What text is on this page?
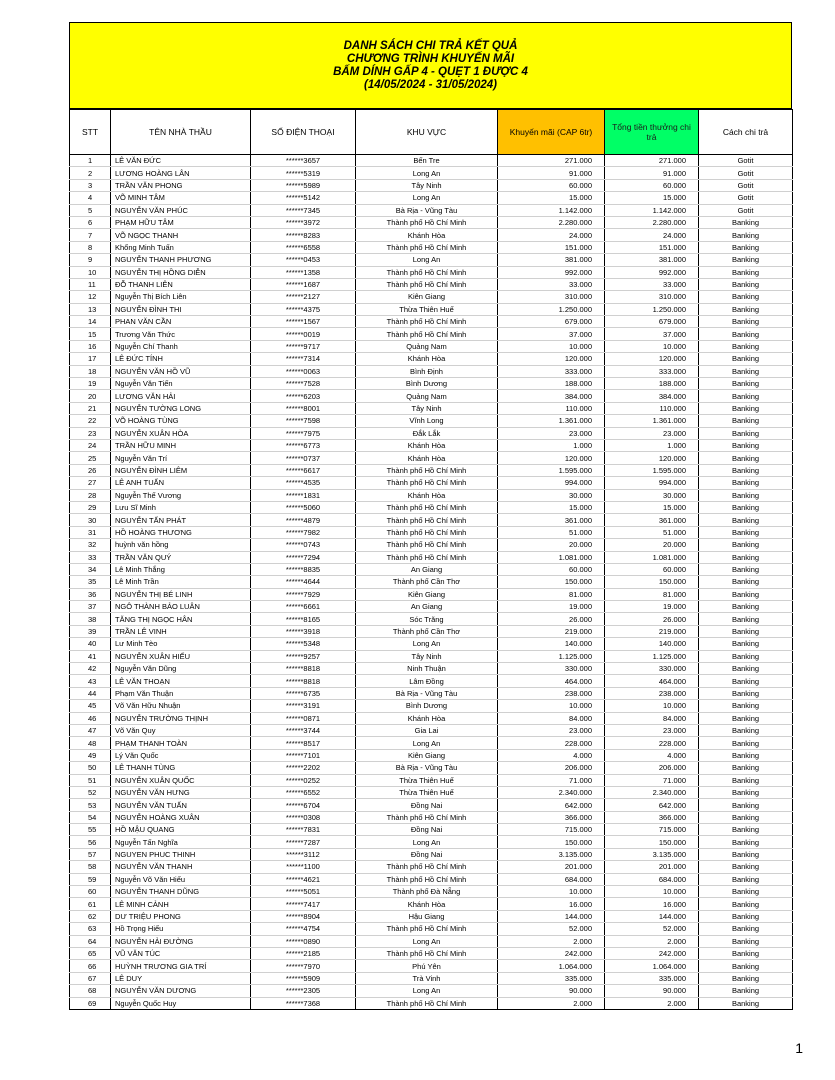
DANH SÁCH CHI TRẢ KẾT QUẢ
CHƯƠNG TRÌNH KHUYẾN MÃI
BẤM DÍNH GẤP 4 - QUẸT 1 ĐƯỢC 4
(14/05/2024 - 31/05/2024)
STT	TÊN NHÀ THẦU	SỐ ĐIỆN THOẠI	KHU VỰC	Khuyến mãi (CAP 6tr)	Tổng tiền thưởng chi trả	Cách chi trả
1	LÊ VĂN ĐỨC	******3657	Bến Tre	271.000	271.000	Gotit
2	LƯƠNG HOÀNG LÂN	******5319	Long An	91.000	91.000	Gotit
3	TRẦN VĂN PHONG	******5989	Tây Ninh	60.000	60.000	Gotit
4	VÕ MINH TÂM	******5142	Long An	15.000	15.000	Gotit
5	NGUYỄN VĂN PHÚC	******7345	Bà Rịa - Vũng Tàu	1.142.000	1.142.000	Gotit
6	PHẠM HỮU TÂM	******3972	Thành phố Hồ Chí Minh	2.280.000	2.280.000	Banking
7	VÕ NGỌC THANH	******8283	Khánh Hòa	24.000	24.000	Banking
8	Khổng Minh Tuấn	******6558	Thành phố Hồ Chí Minh	151.000	151.000	Banking
9	NGUYỄN THANH PHƯƠNG	******0453	Long An	381.000	381.000	Banking
10	NGUYỄN THỊ HỒNG DIỄN	******1358	Thành phố Hồ Chí Minh	992.000	992.000	Banking
11	ĐỖ THANH LIÊN	******1687	Thành phố Hồ Chí Minh	33.000	33.000	Banking
12	Nguyễn Thị Bích Liên	******2127	Kiên Giang	310.000	310.000	Banking
13	NGUYỄN ĐÌNH THI	******4375	Thừa Thiên Huế	1.250.000	1.250.000	Banking
14	PHAN VĂN CẦN	******1567	Thành phố Hồ Chí Minh	679.000	679.000	Banking
15	Trương Văn Thức	******0019	Thành phố Hồ Chí Minh	37.000	37.000	Banking
16	Nguyễn Chí Thanh	******9717	Quảng Nam	10.000	10.000	Banking
17	LÊ ĐỨC TÍNH	******7314	Khánh Hòa	120.000	120.000	Banking
18	NGUYỄN VĂN HỒ VŨ	******0063	Bình Định	333.000	333.000	Banking
19	Nguyễn Văn Tiến	******7528	Bình Dương	188.000	188.000	Banking
20	LƯƠNG VĂN HẢI	******6203	Quảng Nam	384.000	384.000	Banking
21	NGUYỄN TƯỜNG LONG	******8001	Tây Ninh	110.000	110.000	Banking
22	VÕ HOÀNG TÙNG	******7598	Vĩnh Long	1.361.000	1.361.000	Banking
23	NGUYỄN XUÂN HÒA	******7975	Đắk Lắk	23.000	23.000	Banking
24	TRẦN HỮU MINH	******6773	Khánh Hòa	1.000	1.000	Banking
25	Nguyễn Văn Trí	******0737	Khánh Hòa	120.000	120.000	Banking
26	NGUYỄN ĐÌNH LIÊM	******6617	Thành phố Hồ Chí Minh	1.595.000	1.595.000	Banking
27	LÊ ANH TUẤN	******4535	Thành phố Hồ Chí Minh	994.000	994.000	Banking
28	Nguyễn Thế Vương	******1831	Khánh Hòa	30.000	30.000	Banking
29	Lưu Sĩ Minh	******5060	Thành phố Hồ Chí Minh	15.000	15.000	Banking
30	NGUYỄN TẤN PHÁT	******4879	Thành phố Hồ Chí Minh	361.000	361.000	Banking
31	HỒ HOÀNG THƯƠNG	******7982	Thành phố Hồ Chí Minh	51.000	51.000	Banking
32	huỳnh văn hồng	******0743	Thành phố Hồ Chí Minh	20.000	20.000	Banking
33	TRẦN VĂN QUÝ	******7294	Thành phố Hồ Chí Minh	1.081.000	1.081.000	Banking
34	Lê Minh Thắng	******8835	An Giang	60.000	60.000	Banking
35	Lê Minh Trần	******4644	Thành phố Cần Thơ	150.000	150.000	Banking
36	NGUYỄN THỊ BÉ LINH	******7929	Kiên Giang	81.000	81.000	Banking
37	NGÔ THÀNH BẢO LUÂN	******6661	An Giang	19.000	19.000	Banking
38	TĂNG THỊ NGỌC HÂN	******8165	Sóc Trăng	26.000	26.000	Banking
39	TRẦN LÊ VINH	******3918	Thành phố Cần Thơ	219.000	219.000	Banking
40	Lư Minh Tèo	******5348	Long An	140.000	140.000	Banking
41	NGUYỄN XUÂN HIẾU	******9257	Tây Ninh	1.125.000	1.125.000	Banking
42	Nguyễn Văn Dũng	******8818	Ninh Thuận	330.000	330.000	Banking
43	LÊ VĂN THOẠN	******8818	Lâm Đồng	464.000	464.000	Banking
44	Phạm Văn Thuận	******6735	Bà Rịa - Vũng Tàu	238.000	238.000	Banking
45	Võ Văn Hữu Nhuận	******3191	Bình Dương	10.000	10.000	Banking
46	NGUYỄN TRƯỜNG THỊNH	******0871	Khánh Hòa	84.000	84.000	Banking
47	Võ Văn Quy	******3744	Gia Lai	23.000	23.000	Banking
48	PHẠM THANH TOÀN	******8517	Long An	228.000	228.000	Banking
49	Lý Văn Quốc	******7101	Kiên Giang	4.000	4.000	Banking
50	LÊ THANH TÙNG	******2202	Bà Rịa - Vũng Tàu	206.000	206.000	Banking
51	NGUYỄN XUÂN QUỐC	******0252	Thừa Thiên Huế	71.000	71.000	Banking
52	NGUYỄN VĂN HƯNG	******6552	Thừa Thiên Huế	2.340.000	2.340.000	Banking
53	NGUYỄN VĂN TUẤN	******6704	Đồng Nai	642.000	642.000	Banking
54	NGUYỄN HOÀNG XUÂN	******0308	Thành phố Hồ Chí Minh	366.000	366.000	Banking
55	HỒ MẬU QUANG	******7831	Đồng Nai	715.000	715.000	Banking
56	Nguyễn Tấn Nghĩa	******7287	Long An	150.000	150.000	Banking
57	NGUYEN PHUC THINH	******3112	Đồng Nai	3.135.000	3.135.000	Banking
58	NGUYỄN VĂN THANH	******1100	Thành phố Hồ Chí Minh	201.000	201.000	Banking
59	Nguyễn Võ Văn Hiếu	******4621	Thành phố Hồ Chí Minh	684.000	684.000	Banking
60	NGUYỄN THANH DŨNG	******5051	Thành phố Đà Nẵng	10.000	10.000	Banking
61	LÊ MINH CẢNH	******7417	Khánh Hòa	16.000	16.000	Banking
62	DƯ TRIỆU PHONG	******8904	Hậu Giang	144.000	144.000	Banking
63	Hồ Trọng Hiếu	******4754	Thành phố Hồ Chí Minh	52.000	52.000	Banking
64	NGUYỄN HẢI ĐƯỜNG	******0890	Long An	2.000	2.000	Banking
65	VŨ VĂN TÚC	******2185	Thành phố Hồ Chí Minh	242.000	242.000	Banking
66	HUỲNH TRƯƠNG GIA TRÍ	******7970	Phú Yên	1.064.000	1.064.000	Banking
67	LÊ DUY	******5909	Trà Vinh	335.000	335.000	Banking
68	NGUYỄN VĂN DƯƠNG	******2305	Long An	90.000	90.000	Banking
69	Nguyễn Quốc Huy	******7368	Thành phố Hồ Chí Minh	2.000	2.000	Banking
1
